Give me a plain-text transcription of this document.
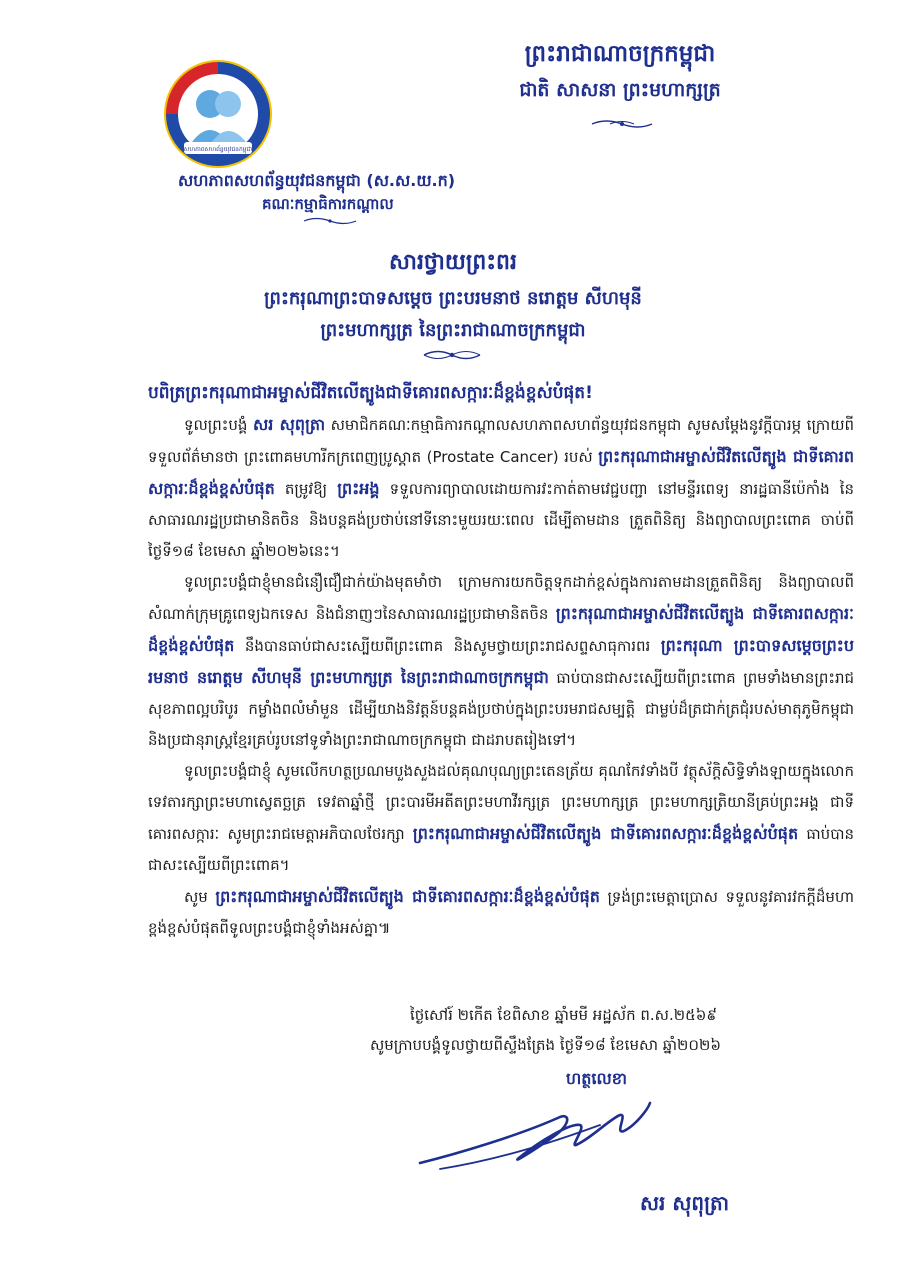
សហភាពសហព័ន្ធយុវជនកម្ពុជា
សហភាពសហព័ន្ធយុវជនកម្ពុជា (ស.ស.យ.ក)
គណៈកម្មាធិការកណ្ដាល
ព្រះរាជាណាចក្រកម្ពុជា
ជាតិ សាសនា ព្រះមហាក្សត្រ
សារថ្វាយព្រះពរ
ព្រះករុណាព្រះបាទសម្ដេច ព្រះបរមនាថ នរោត្តម សីហមុនី
ព្រះមហាក្សត្រ នៃព្រះរាជាណាចក្រកម្ពុជា

បពិត្រព្រះករុណាជាអម្ចាស់ជីវិតលើត្បូងជាទីគោរពសក្ការៈដ៏ខ្ពង់ខ្ពស់បំផុត!

ទូលព្រះបង្គំ សរ សុពុត្រា សមាជិកគណៈកម្មាធិការកណ្ដាលសហភាពសហព័ន្ធយុវជនកម្ពុជា សូមសម្ដែងនូវក្ដីបារម្ភ ក្រោយពីទទួលព័ត៌មានថា ព្រះពោគមហារីកក្រពេញប្រូស្តាត (Prostate Cancer) របស់ ព្រះករុណាជាអម្ចាស់ជីវិតលើត្បូង ជាទីគោរពសក្ការៈដ៏ខ្ពង់ខ្ពស់បំផុត តម្រូវឱ្យ ព្រះអង្គ ទទួលការព្យាបាលដោយការវះកាត់តាមវេជ្ជបញ្ជា នៅមន្ទីរពេទ្យ នារដ្ឋធានីប៉េកាំង នៃសាធារណរដ្ឋប្រជាមានិតចិន និងបន្តគង់ប្រថាប់នៅទីនោះមួយរយៈពេល ដើម្បីតាមដាន ត្រួតពិនិត្យ និងព្យាបាលព្រះពោគ ចាប់ពីថ្ងៃទី១៨ ខែមេសា ឆ្នាំ២០២៦នេះ។

ទូលព្រះបង្គំជាខ្ញុំមានជំនឿជឿជាក់យ៉ាងមុតមាំថា ក្រោមការយកចិត្តទុកដាក់ខ្ពស់ក្នុងការតាមដានត្រួតពិនិត្យ និងព្យាបាលពីសំណាក់ក្រុមគ្រូពេទ្យឯកទេស និងជំនាញៗនៃសាធារណរដ្ឋប្រជាមានិតចិន ព្រះករុណាជាអម្ចាស់ជីវិតលើត្បូង ជាទីគោរពសក្ការៈដ៏ខ្ពង់ខ្ពស់បំផុត នឹងបានធាប់ជាសះស្បើយពីព្រះពោគ និងសូមថ្វាយព្រះរាជសព្ទសាធុការពរ ព្រះករុណា ព្រះបាទសម្ដេចព្រះបរមនាថ នរោត្តម សីហមុនី ព្រះមហាក្សត្រ នៃព្រះរាជាណាចក្រកម្ពុជា ធាប់បានជាសះស្បើយពីព្រះពោគ ព្រមទាំងមានព្រះរាជសុខភាពល្អបរិបូរ កម្លាំងពលំមាំមួន ដើម្បីយាងនិវត្តន៍បន្តគង់ប្រថាប់ក្នុងព្រះបរមរាជសម្បត្តិ ជាម្លប់ដ៏ត្រជាក់ត្រជុំរបស់មាតុភូមិកម្ពុជា និងប្រជានុរាស្ត្រខ្មែរគ្រប់រូបនៅទូទាំងព្រះរាជាណាចក្រកម្ពុជា ជាដរាបតរៀងទៅ។

ទូលព្រះបង្គំជាខ្ញុំ សូមលើកហត្ថប្រណមបួងសួងដល់គុណបុណ្យព្រះតេនត្រ័យ គុណកែវទាំងបី វត្ថុស័ក្ដិសិទ្ធិទាំងឡាយក្នុងលោក ទេវតារក្សាព្រះមហាស្វេតច្ឆត្រ ទេវតាឆ្នាំថ្មី ព្រះបារមីអតីតព្រះមហាវីរក្សត្រ ព្រះមហាក្សត្រ ព្រះមហាក្សត្រិយានីគ្រប់ព្រះអង្គ ជាទីគោរពសក្ការៈ សូមព្រះរាជមេត្តាអភិបាលថែរក្សា ព្រះករុណាជាអម្ចាស់ជីវិតលើត្បូង ជាទីគោរពសក្ការៈដ៏ខ្ពង់ខ្ពស់បំផុត ធាប់បានជាសះស្បើយពីព្រះពោគ។

សូម ព្រះករុណាជាអម្ចាស់ជីវិតលើត្បូង ជាទីគោរពសក្ការៈដ៏ខ្ពង់ខ្ពស់បំផុត ទ្រង់ព្រះមេត្តាប្រោស ទទួលនូវគារវកក្ដីដ៏មហាខ្ពង់ខ្ពស់បំផុតពីទូលព្រះបង្គំជាខ្ញុំទាំងអស់គ្នា៕

ថ្ងៃសៅរ៍ ២កើត ខែពិសាខ ឆ្នាំមមី អដ្ឋស័ក ព.ស.២៥៦៩
សូមក្រាបបង្គំទូលថ្វាយពីស្ទឹងត្រែង ថ្ងៃទី១៨ ខែមេសា ឆ្នាំ២០២៦
ហត្ថលេខា
សរ សុពុត្រា
